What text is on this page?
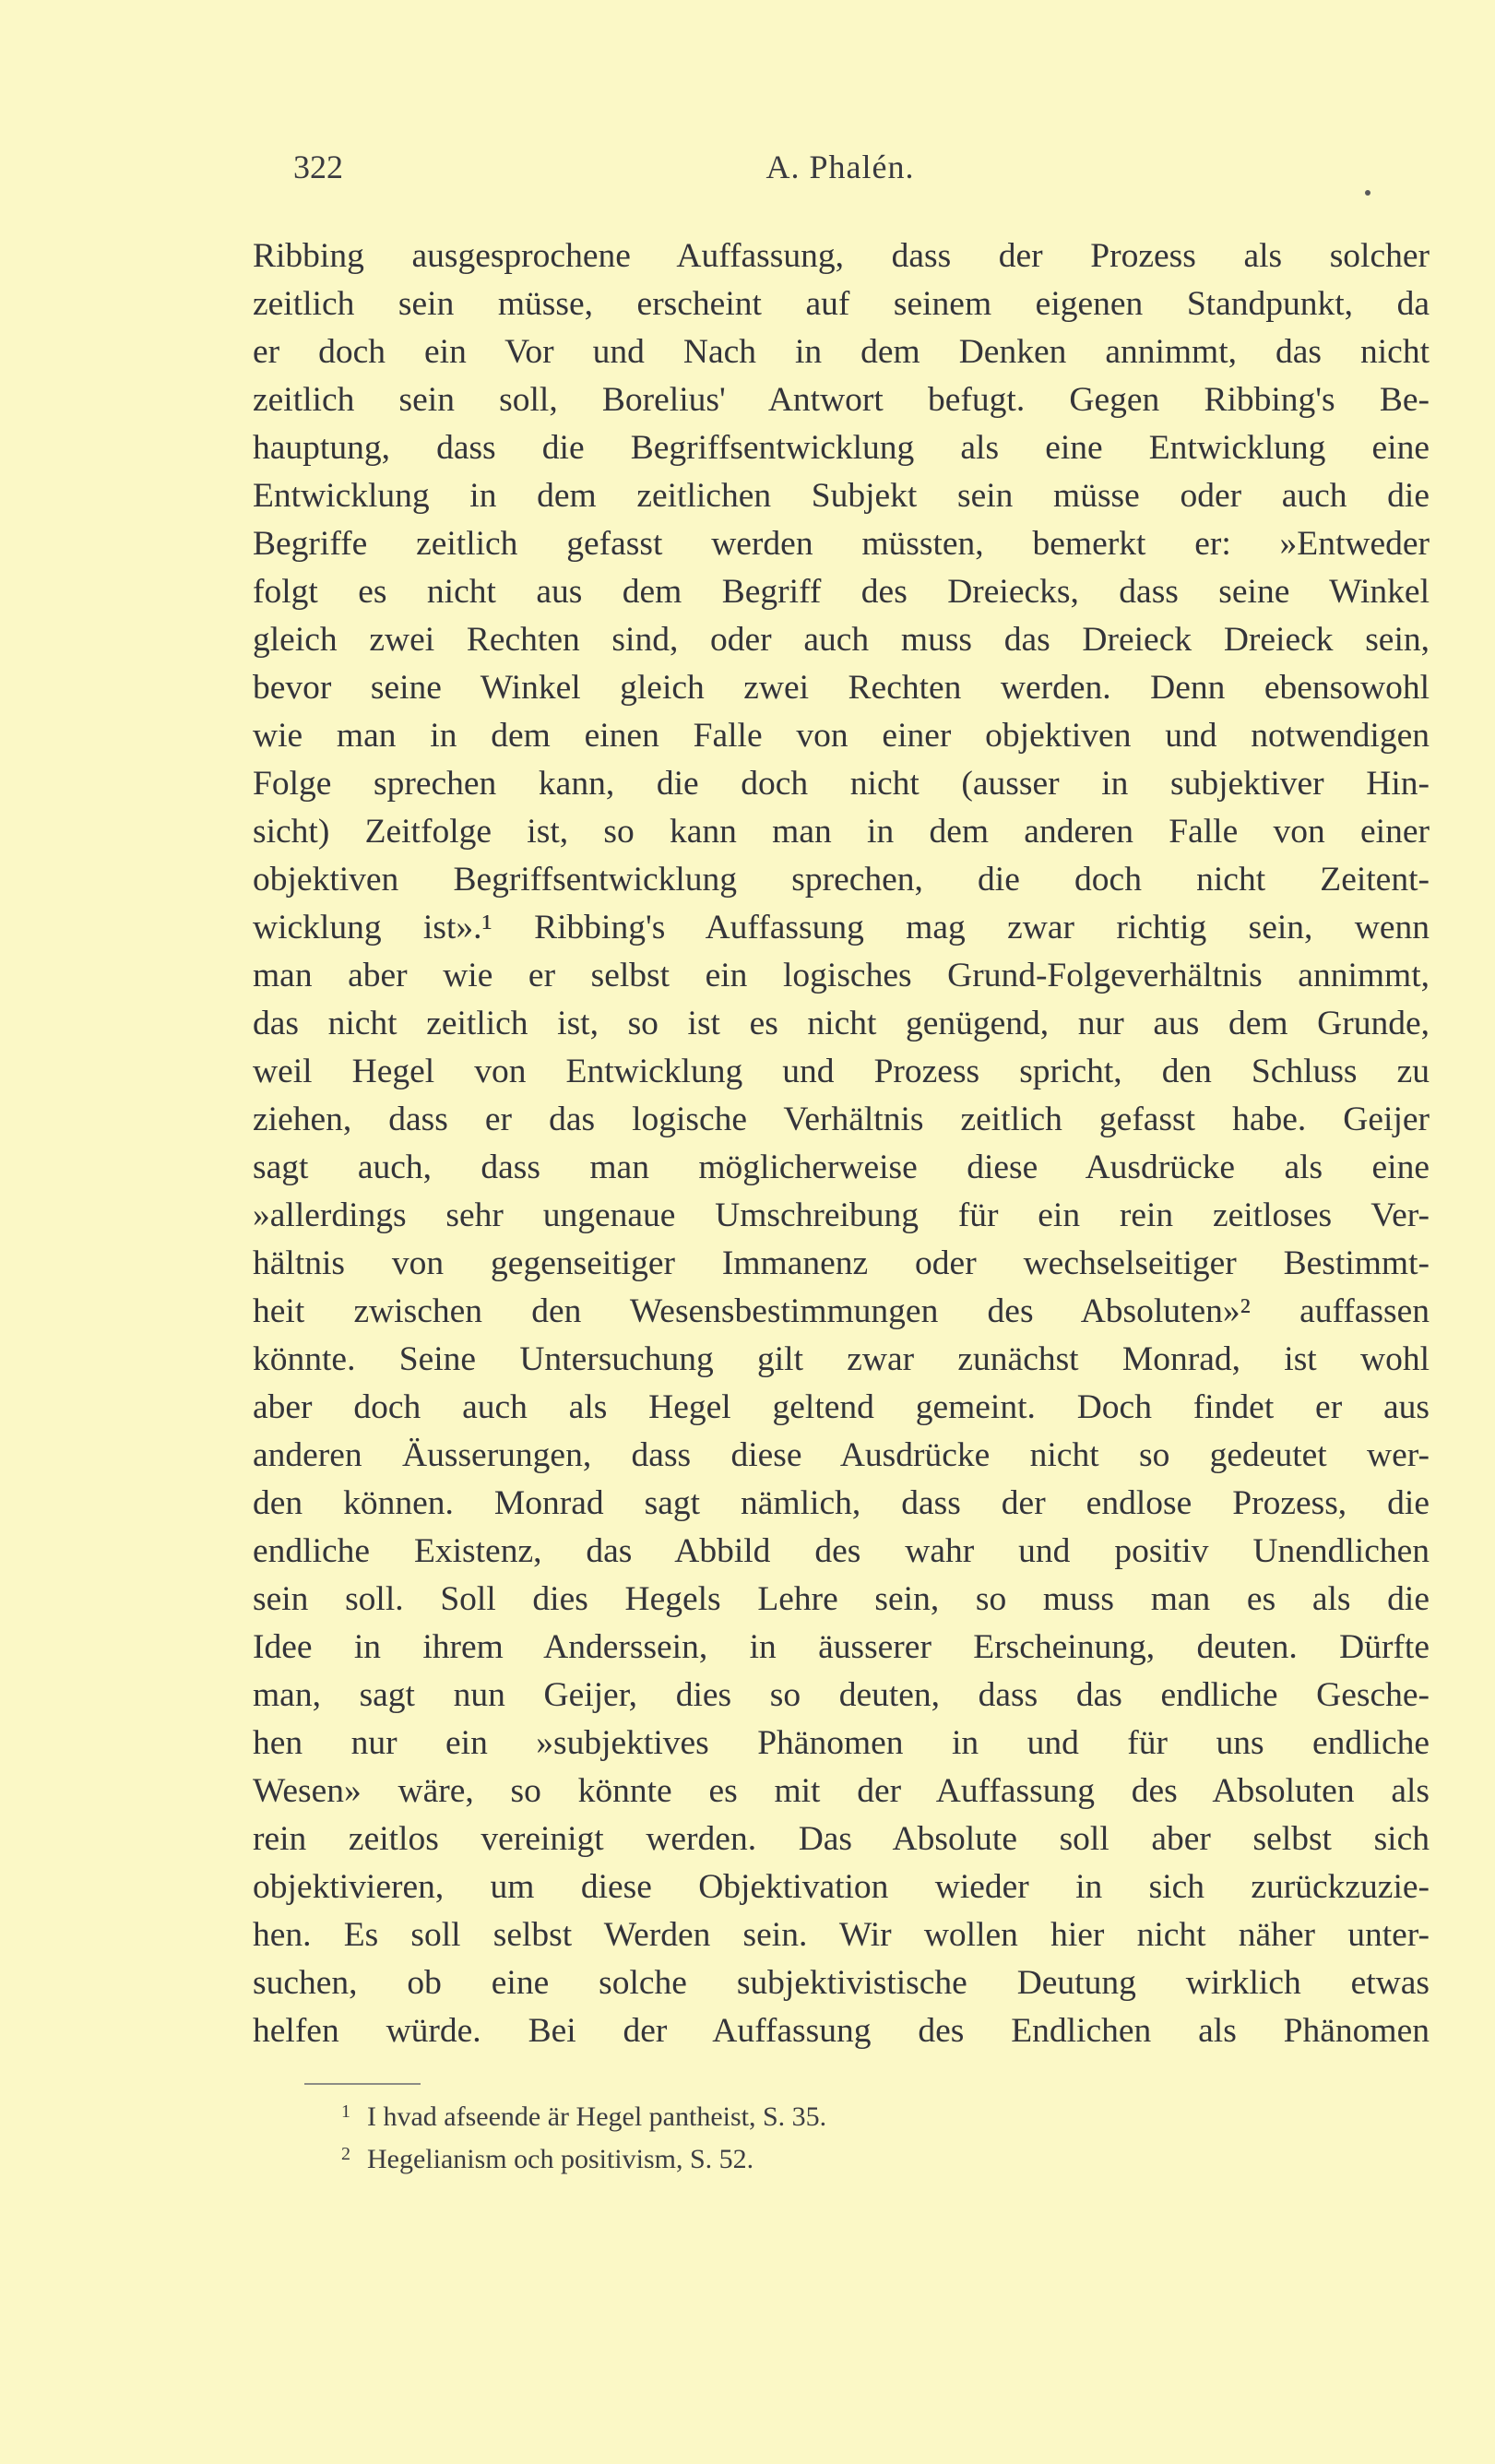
322	A. Phalén.
Ribbing ausgesprochene Auffassung, dass der Prozess als solcher
zeitlich sein müsse, erscheint auf seinem eigenen Standpunkt, da
er doch ein Vor und Nach in dem Denken annimmt, das nicht
zeitlich sein soll, Borelius' Antwort befugt. Gegen Ribbing's Be-
hauptung, dass die Begriffsentwicklung als eine Entwicklung eine
Entwicklung in dem zeitlichen Subjekt sein müsse oder auch die
Begriffe zeitlich gefasst werden müssten, bemerkt er: »Entweder
folgt es nicht aus dem Begriff des Dreiecks, dass seine Winkel
gleich zwei Rechten sind, oder auch muss das Dreieck Dreieck sein,
bevor seine Winkel gleich zwei Rechten werden. Denn ebensowohl
wie man in dem einen Falle von einer objektiven und notwendigen
Folge sprechen kann, die doch nicht (ausser in subjektiver Hin-
sicht) Zeitfolge ist, so kann man in dem anderen Falle von einer
objektiven Begriffsentwicklung sprechen, die doch nicht Zeitent-
wicklung ist».¹ Ribbing's Auffassung mag zwar richtig sein, wenn
man aber wie er selbst ein logisches Grund-Folgeverhältnis annimmt,
das nicht zeitlich ist, so ist es nicht genügend, nur aus dem Grunde,
weil Hegel von Entwicklung und Prozess spricht, den Schluss zu
ziehen, dass er das logische Verhältnis zeitlich gefasst habe. Geijer
sagt auch, dass man möglicherweise diese Ausdrücke als eine
»allerdings sehr ungenaue Umschreibung für ein rein zeitloses Ver-
hältnis von gegenseitiger Immanenz oder wechselseitiger Bestimmt-
heit zwischen den Wesensbestimmungen des Absoluten»² auffassen
könnte. Seine Untersuchung gilt zwar zunächst Monrad, ist wohl
aber doch auch als Hegel geltend gemeint. Doch findet er aus
anderen Äusserungen, dass diese Ausdrücke nicht so gedeutet wer-
den können. Monrad sagt nämlich, dass der endlose Prozess, die
endliche Existenz, das Abbild des wahr und positiv Unendlichen
sein soll. Soll dies Hegels Lehre sein, so muss man es als die
Idee in ihrem Anderssein, in äusserer Erscheinung, deuten. Dürfte
man, sagt nun Geijer, dies so deuten, dass das endliche Gesche-
hen nur ein »subjektives Phänomen in und für uns endliche
Wesen» wäre, so könnte es mit der Auffassung des Absoluten als
rein zeitlos vereinigt werden. Das Absolute soll aber selbst sich
objektivieren, um diese Objektivation wieder in sich zurückzuzie-
hen. Es soll selbst Werden sein. Wir wollen hier nicht näher unter-
suchen, ob eine solche subjektivistische Deutung wirklich etwas
helfen würde. Bei der Auffassung des Endlichen als Phänomen
1 I hvad afseende är Hegel pantheist, S. 35.
2 Hegelianism och positivism, S. 52.
